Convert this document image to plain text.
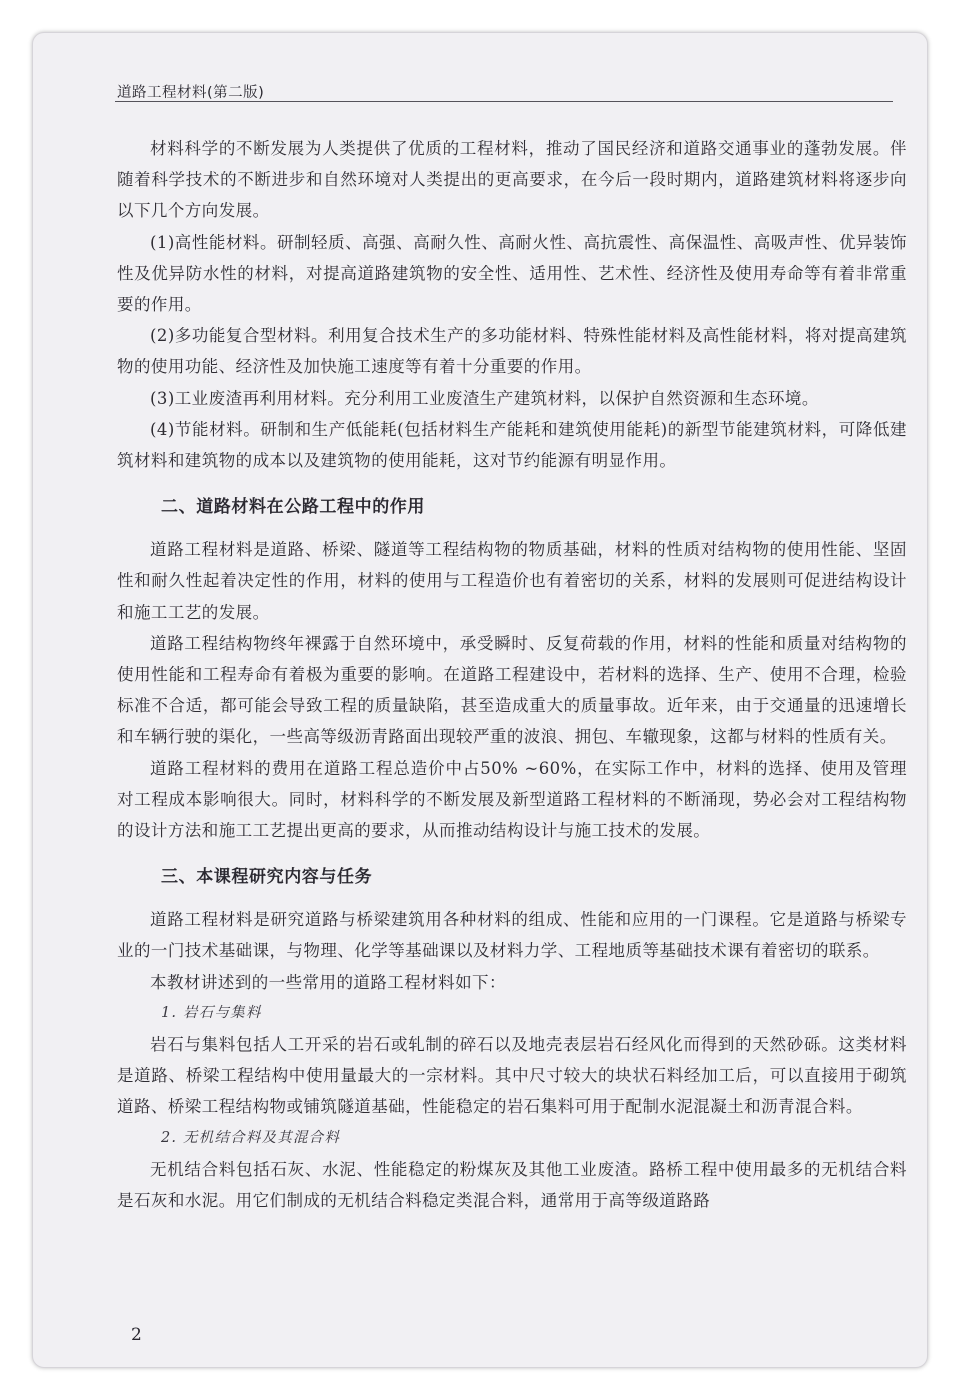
道路工程材料(第二版)

材料科学的不断发展为人类提供了优质的工程材料，推动了国民经济和道路交通事业的蓬勃发展。伴随着科学技术的不断进步和自然环境对人类提出的更高要求，在今后一段时期内，道路建筑材料将逐步向以下几个方向发展。

(1)高性能材料。研制轻质、高强、高耐久性、高耐火性、高抗震性、高保温性、高吸声性、优异装饰性及优异防水性的材料，对提高道路建筑物的安全性、适用性、艺术性、经济性及使用寿命等有着非常重要的作用。

(2)多功能复合型材料。利用复合技术生产的多功能材料、特殊性能材料及高性能材料，将对提高建筑物的使用功能、经济性及加快施工速度等有着十分重要的作用。

(3)工业废渣再利用材料。充分利用工业废渣生产建筑材料，以保护自然资源和生态环境。

(4)节能材料。研制和生产低能耗(包括材料生产能耗和建筑使用能耗)的新型节能建筑材料，可降低建筑材料和建筑物的成本以及建筑物的使用能耗，这对节约能源有明显作用。

二、道路材料在公路工程中的作用

道路工程材料是道路、桥梁、隧道等工程结构物的物质基础，材料的性质对结构物的使用性能、坚固性和耐久性起着决定性的作用，材料的使用与工程造价也有着密切的关系，材料的发展则可促进结构设计和施工工艺的发展。

道路工程结构物终年裸露于自然环境中，承受瞬时、反复荷载的作用，材料的性能和质量对结构物的使用性能和工程寿命有着极为重要的影响。在道路工程建设中，若材料的选择、生产、使用不合理，检验标准不合适，都可能会导致工程的质量缺陷，甚至造成重大的质量事故。近年来，由于交通量的迅速增长和车辆行驶的渠化，一些高等级沥青路面出现较严重的波浪、拥包、车辙现象，这都与材料的性质有关。

道路工程材料的费用在道路工程总造价中占50% ~60%，在实际工作中，材料的选择、使用及管理对工程成本影响很大。同时，材料科学的不断发展及新型道路工程材料的不断涌现，势必会对工程结构物的设计方法和施工工艺提出更高的要求，从而推动结构设计与施工技术的发展。

三、本课程研究内容与任务

道路工程材料是研究道路与桥梁建筑用各种材料的组成、性能和应用的一门课程。它是道路与桥梁专业的一门技术基础课，与物理、化学等基础课以及材料力学、工程地质等基础技术课有着密切的联系。

本教材讲述到的一些常用的道路工程材料如下：

1. 岩石与集料

岩石与集料包括人工开采的岩石或轧制的碎石以及地壳表层岩石经风化而得到的天然砂砾。这类材料是道路、桥梁工程结构中使用量最大的一宗材料。其中尺寸较大的块状石料经加工后，可以直接用于砌筑道路、桥梁工程结构物或铺筑隧道基础，性能稳定的岩石集料可用于配制水泥混凝土和沥青混合料。

2. 无机结合料及其混合料

无机结合料包括石灰、水泥、性能稳定的粉煤灰及其他工业废渣。路桥工程中使用最多的无机结合料是石灰和水泥。用它们制成的无机结合料稳定类混合料，通常用于高等级道路路

2
